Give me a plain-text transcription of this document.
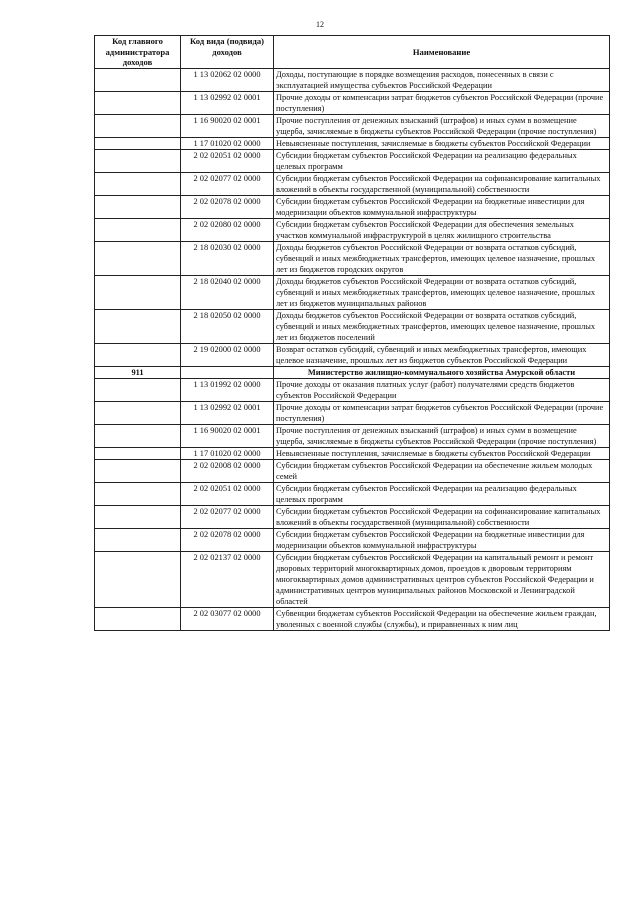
12
Код главного администратора доходов	Код вида (подвида) доходов	Наименование
	1 13 02062 02 0000	Доходы, поступающие в порядке возмещения расходов, понесенных в связи с эксплуатацией имущества субъектов Российской Федерации
	1 13 02992 02 0001	Прочие доходы от компенсации затрат бюджетов субъектов Российской Федерации (прочие поступления)
	1 16 90020 02 0001	Прочие поступления от денежных взысканий (штрафов) и иных сумм в возмещение ущерба, зачисляемые в бюджеты субъектов Российской Федерации (прочие поступления)
	1 17 01020 02 0000	Невыясненные поступления, зачисляемые в бюджеты субъектов Российской Федерации
	2 02 02051 02 0000	Субсидии бюджетам субъектов Российской Федерации на реализацию федеральных целевых программ
	2 02 02077 02 0000	Субсидии бюджетам субъектов Российской Федерации на софинансирование капитальных вложений в объекты государственной (муниципальной) собственности
	2 02 02078 02 0000	Субсидии бюджетам субъектов Российской Федерации на бюджетные инвестиции для модернизации объектов коммунальной инфраструктуры
	2 02 02080 02 0000	Субсидии бюджетам субъектов Российской Федерации для обеспечения земельных участков коммунальной инфраструктурой в целях жилищного строительства
	2 18 02030 02 0000	Доходы бюджетов субъектов Российской Федерации от возврата остатков субсидий, субвенций и иных межбюджетных трансфертов, имеющих целевое назначение, прошлых лет из бюджетов городских округов
	2 18 02040 02 0000	Доходы бюджетов субъектов Российской Федерации от возврата остатков субсидий, субвенций и иных межбюджетных трансфертов, имеющих целевое назначение, прошлых лет из бюджетов муниципальных районов
	2 18 02050 02 0000	Доходы бюджетов субъектов Российской Федерации от возврата остатков субсидий, субвенций и иных межбюджетных трансфертов, имеющих целевое назначение, прошлых лет из бюджетов поселений
	2 19 02000 02 0000	Возврат остатков субсидий, субвенций и иных межбюджетных трансфертов, имеющих целевое назначение, прошлых лет из бюджетов субъектов Российской Федерации
911		Министерство жилищно-коммунального хозяйства Амурской области
	1 13 01992 02 0000	Прочие доходы от оказания платных услуг (работ) получателями средств бюджетов субъектов Российской Федерации
	1 13 02992 02 0001	Прочие доходы от компенсации затрат бюджетов субъектов Российской Федерации (прочие поступления)
	1 16 90020 02 0001	Прочие поступления от денежных взысканий (штрафов) и иных сумм в возмещение ущерба, зачисляемые в бюджеты субъектов Российской Федерации (прочие поступления)
	1 17 01020 02 0000	Невыясненные поступления, зачисляемые в бюджеты субъектов Российской Федерации
	2 02 02008 02 0000	Субсидии бюджетам субъектов Российской Федерации на обеспечение жильем молодых семей
	2 02 02051 02 0000	Субсидии бюджетам субъектов Российской Федерации на реализацию федеральных целевых программ
	2 02 02077 02 0000	Субсидии бюджетам субъектов Российской Федерации на софинансирование капитальных вложений в объекты государственной (муниципальной) собственности
	2 02 02078 02 0000	Субсидии бюджетам субъектов Российской Федерации на бюджетные инвестиции для модернизации объектов коммунальной инфраструктуры
	2 02 02137 02 0000	Субсидии бюджетам субъектов Российской Федерации на капитальный ремонт и ремонт дворовых территорий многоквартирных домов, проездов к дворовым территориям многоквартирных домов административных центров субъектов Российской Федерации и административных центров муниципальных районов Московской и Ленинградской областей
	2 02 03077 02 0000	Субвенции бюджетам субъектов Российской Федерации на обеспечение жильем граждан, уволенных с военной службы (службы), и приравненных к ним лиц
